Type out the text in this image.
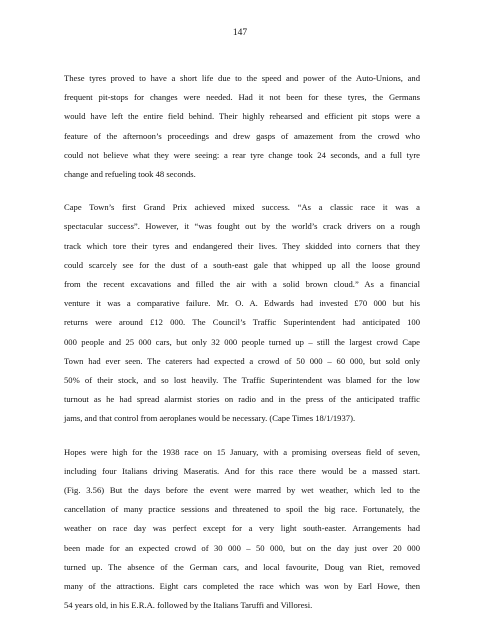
147

These tyres proved to have a short life due to the speed and power of the Auto-Unions, and
frequent pit-stops for changes were needed. Had it not been for these tyres, the Germans
would have left the entire field behind. Their highly rehearsed and efficient pit stops were a
feature of the afternoon’s proceedings and drew gasps of amazement from the crowd who
could not believe what they were seeing: a rear tyre change took 24 seconds, and a full tyre
change and refueling took 48 seconds.

Cape Town’s first Grand Prix achieved mixed success. “As a classic race it was a
spectacular success”. However, it “was fought out by the world’s crack drivers on a rough
track which tore their tyres and endangered their lives. They skidded into corners that they
could scarcely see for the dust of a south-east gale that whipped up all the loose ground
from the recent excavations and filled the air with a solid brown cloud.” As a financial
venture it was a comparative failure. Mr. O. A. Edwards had invested £70 000 but his
returns were around £12 000. The Council’s Traffic Superintendent had anticipated 100
000 people and 25 000 cars, but only 32 000 people turned up – still the largest crowd Cape
Town had ever seen. The caterers had expected a crowd of 50 000 – 60 000, but sold only
50% of their stock, and so lost heavily. The Traffic Superintendent was blamed for the low
turnout as he had spread alarmist stories on radio and in the press of the anticipated traffic
jams, and that control from aeroplanes would be necessary. (Cape Times 18/1/1937).

Hopes were high for the 1938 race on 15 January, with a promising overseas field of seven,
including four Italians driving Maseratis. And for this race there would be a massed start.
(Fig. 3.56) But the days before the event were marred by wet weather, which led to the
cancellation of many practice sessions and threatened to spoil the big race. Fortunately, the
weather on race day was perfect except for a very light south-easter. Arrangements had
been made for an expected crowd of 30 000 – 50 000, but on the day just over 20 000
turned up. The absence of the German cars, and local favourite, Doug van Riet, removed
many of the attractions. Eight cars completed the race which was won by Earl Howe, then
54 years old, in his E.R.A. followed by the Italians Taruffi and Villoresi.
